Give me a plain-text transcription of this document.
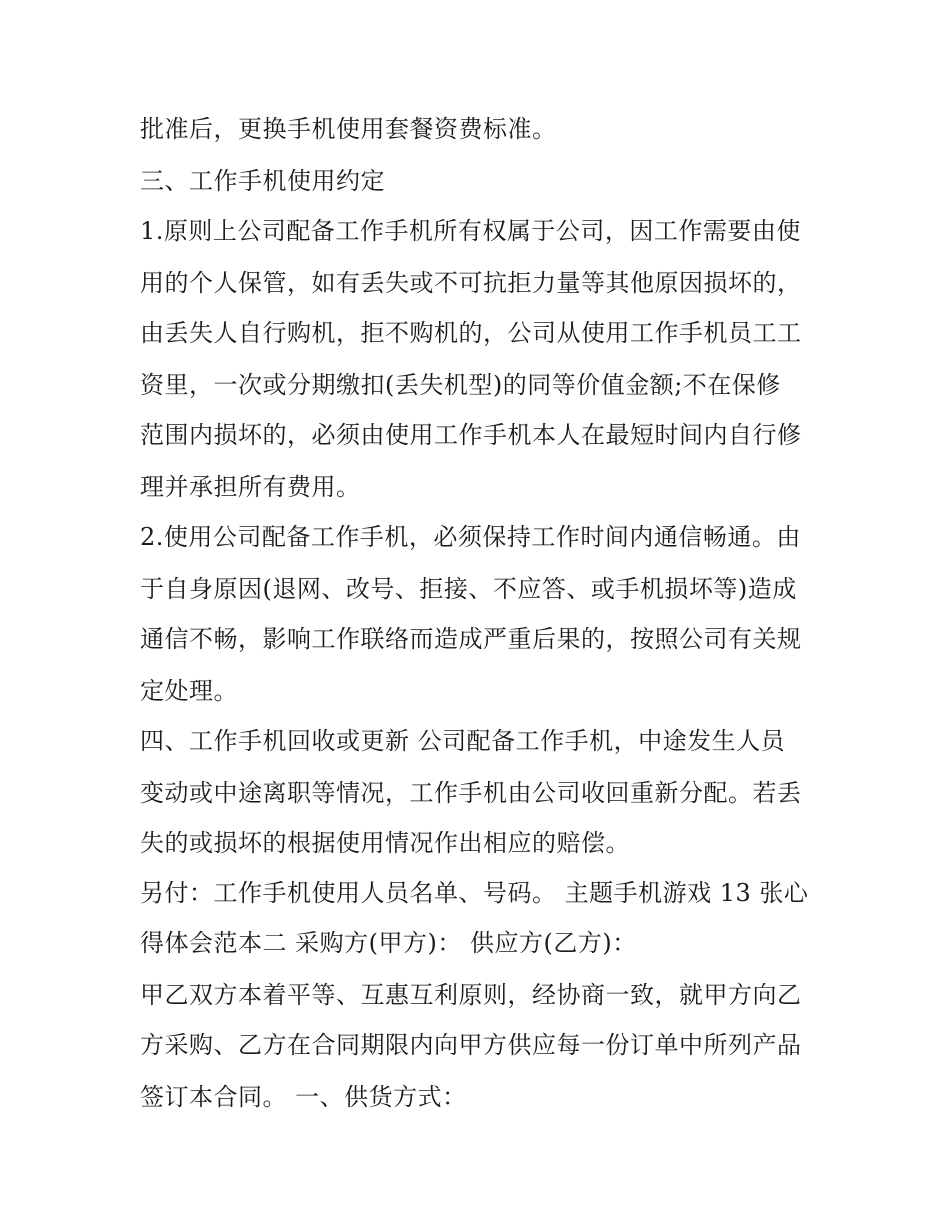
批准后，更换手机使用套餐资费标准。
三、工作手机使用约定
1.原则上公司配备工作手机所有权属于公司，因工作需要由使
用的个人保管，如有丢失或不可抗拒力量等其他原因损坏的，
由丢失人自行购机，拒不购机的，公司从使用工作手机员工工
资里，一次或分期缴扣(丢失机型)的同等价值金额;不在保修
范围内损坏的，必须由使用工作手机本人在最短时间内自行修
理并承担所有费用。
2.使用公司配备工作手机，必须保持工作时间内通信畅通。由
于自身原因(退网、改号、拒接、不应答、或手机损坏等)造成
通信不畅，影响工作联络而造成严重后果的，按照公司有关规
定处理。
四、工作手机回收或更新 公司配备工作手机，中途发生人员
变动或中途离职等情况，工作手机由公司收回重新分配。若丢
失的或损坏的根据使用情况作出相应的赔偿。
另付：工作手机使用人员名单、号码。 主题手机游戏 13 张心
得体会范本二 采购方(甲方)： 供应方(乙方)：
甲乙双方本着平等、互惠互利原则，经协商一致，就甲方向乙
方采购、乙方在合同期限内向甲方供应每一份订单中所列产品
签订本合同。 一、供货方式：
